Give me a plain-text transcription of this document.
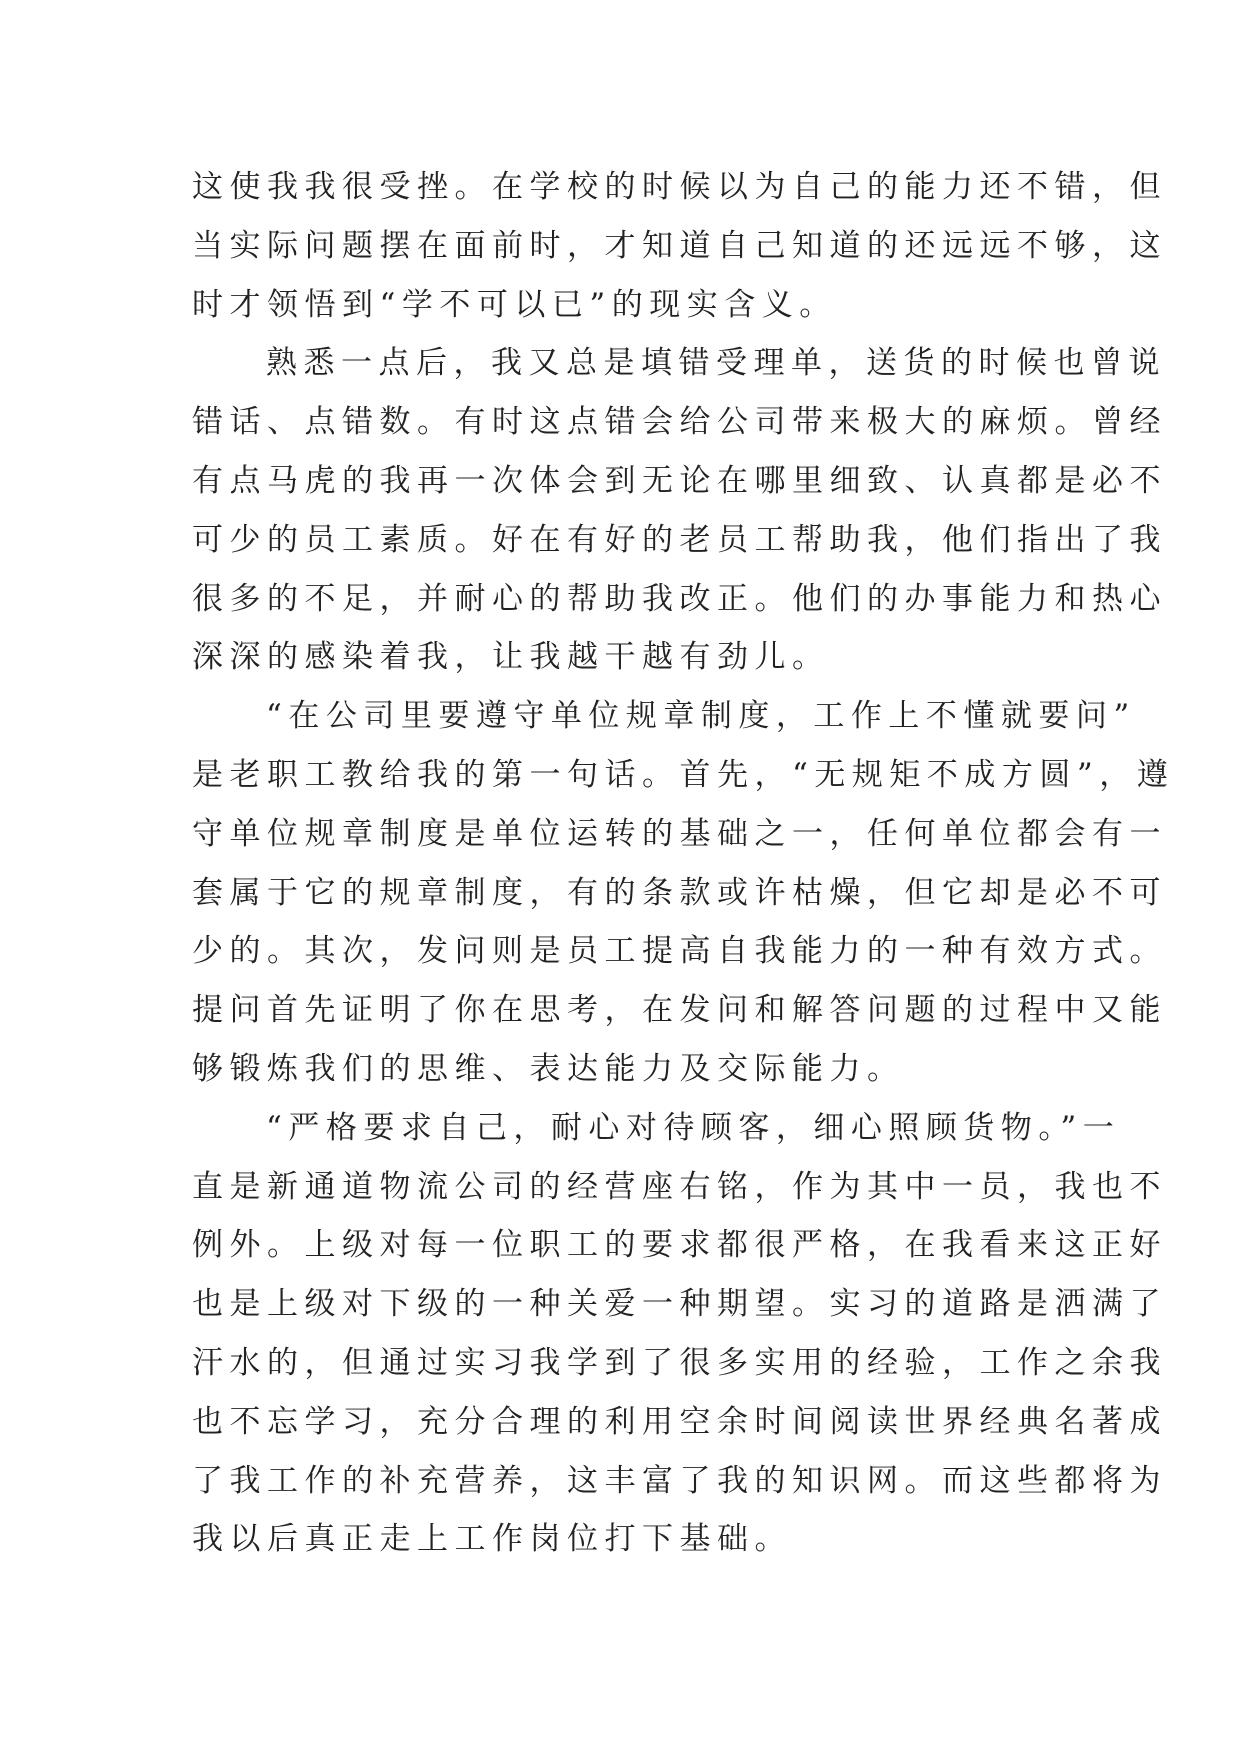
这使我我很受挫。在学校的时候以为自己的能力还不错，但
当实际问题摆在面前时，才知道自己知道的还远远不够，这
时才领悟到“学不可以已”的现实含义。
熟悉一点后，我又总是填错受理单，送货的时候也曾说
错话、点错数。有时这点错会给公司带来极大的麻烦。曾经
有点马虎的我再一次体会到无论在哪里细致、认真都是必不
可少的员工素质。好在有好的老员工帮助我，他们指出了我
很多的不足，并耐心的帮助我改正。他们的办事能力和热心
深深的感染着我，让我越干越有劲儿。
“在公司里要遵守单位规章制度，工作上不懂就要问”
是老职工教给我的第一句话。首先，“无规矩不成方圆”，遵
守单位规章制度是单位运转的基础之一，任何单位都会有一
套属于它的规章制度，有的条款或许枯燥，但它却是必不可
少的。其次，发问则是员工提高自我能力的一种有效方式。
提问首先证明了你在思考，在发问和解答问题的过程中又能
够锻炼我们的思维、表达能力及交际能力。
“严格要求自己，耐心对待顾客，细心照顾货物。”一
直是新通道物流公司的经营座右铭，作为其中一员，我也不
例外。上级对每一位职工的要求都很严格，在我看来这正好
也是上级对下级的一种关爱一种期望。实习的道路是洒满了
汗水的，但通过实习我学到了很多实用的经验，工作之余我
也不忘学习，充分合理的利用空余时间阅读世界经典名著成
了我工作的补充营养，这丰富了我的知识网。而这些都将为
我以后真正走上工作岗位打下基础。
